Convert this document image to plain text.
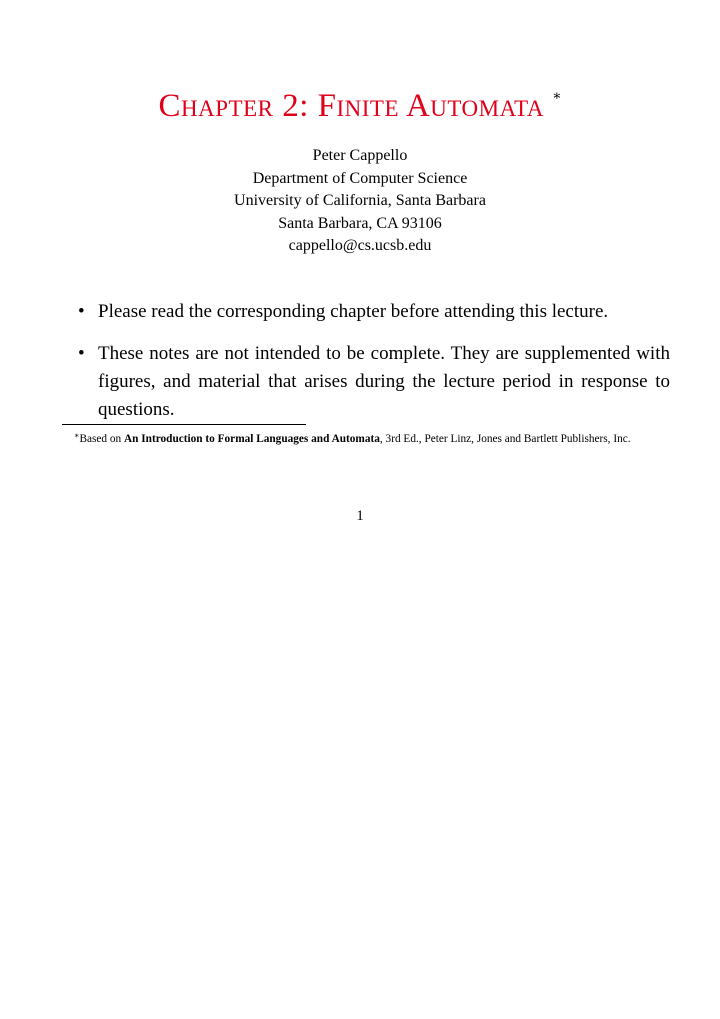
Chapter 2: Finite Automata ∗
Peter Cappello
Department of Computer Science
University of California, Santa Barbara
Santa Barbara, CA 93106
cappello@cs.ucsb.edu
• Please read the corresponding chapter before attending this lecture.
• These notes are not intended to be complete. They are supplemented with figures, and material that arises during the lecture period in response to questions.
∗Based on An Introduction to Formal Languages and Automata, 3rd Ed., Peter Linz, Jones and Bartlett Publishers, Inc.
1
